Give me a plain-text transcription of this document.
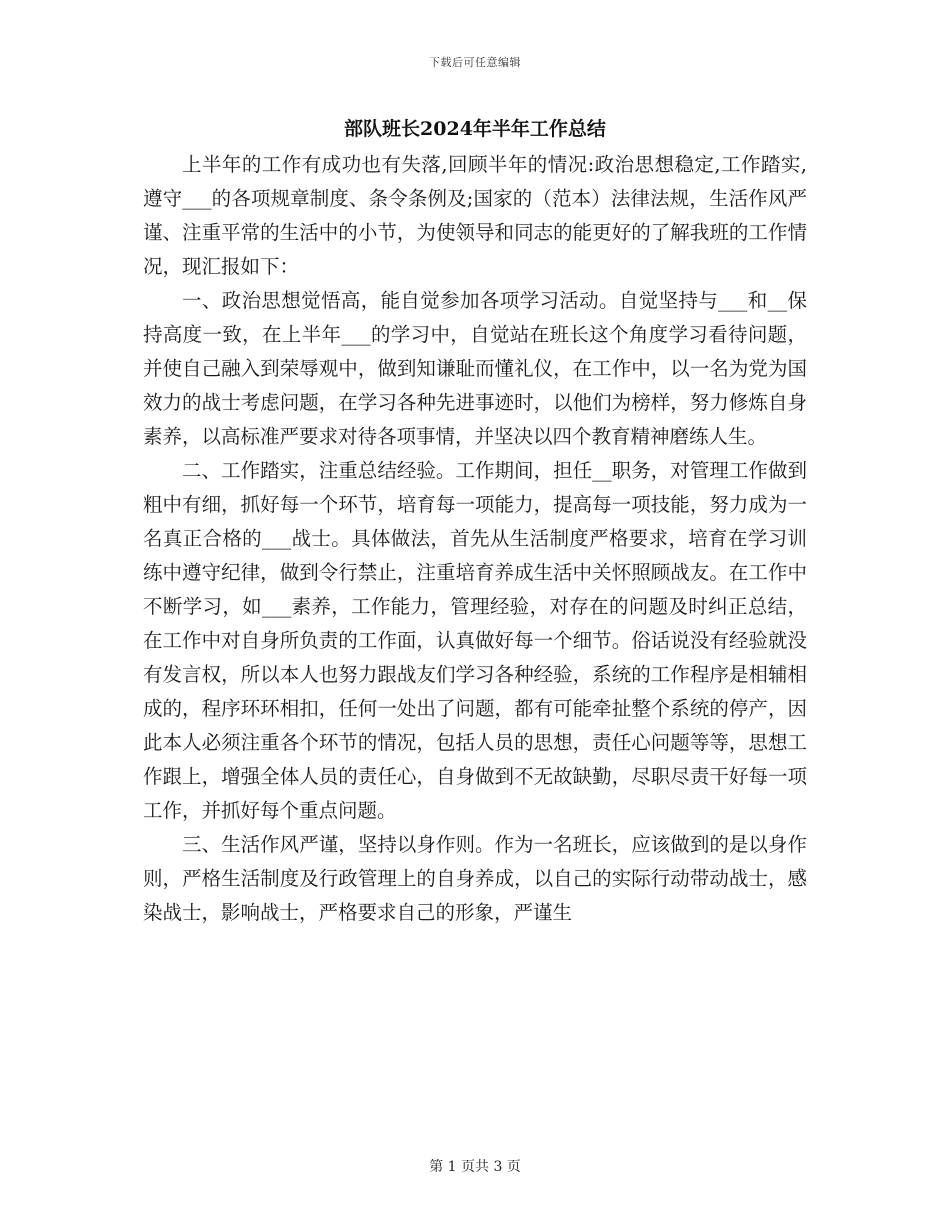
下载后可任意编辑
部队班长2024年半年工作总结

上半年的工作有成功也有失落,回顾半年的情况:政治思想稳定,工作踏实,遵守___的各项规章制度、条令条例及;国家的（范本）法律法规，生活作风严谨、注重平常的生活中的小节，为使领导和同志的能更好的了解我班的工作情况，现汇报如下：

一、政治思想觉悟高，能自觉参加各项学习活动。自觉坚持与___和__保持高度一致，在上半年___的学习中，自觉站在班长这个角度学习看待问题，并使自己融入到荣辱观中，做到知谦耻而懂礼仪，在工作中，以一名为党为国效力的战士考虑问题，在学习各种先进事迹时，以他们为榜样，努力修炼自身素养，以高标准严要求对待各项事情，并坚决以四个教育精神磨练人生。

二、工作踏实，注重总结经验。工作期间，担任__职务，对管理工作做到粗中有细，抓好每一个环节，培育每一项能力，提高每一项技能，努力成为一名真正合格的___战士。具体做法，首先从生活制度严格要求，培育在学习训练中遵守纪律，做到令行禁止，注重培育养成生活中关怀照顾战友。在工作中不断学习，如___素养，工作能力，管理经验，对存在的问题及时纠正总结，在工作中对自身所负责的工作面，认真做好每一个细节。俗话说没有经验就没有发言权，所以本人也努力跟战友们学习各种经验，系统的工作程序是相辅相成的，程序环环相扣，任何一处出了问题，都有可能牵扯整个系统的停产，因此本人必须注重各个环节的情况，包括人员的思想，责任心问题等等，思想工作跟上，增强全体人员的责任心，自身做到不无故缺勤，尽职尽责干好每一项工作，并抓好每个重点问题。

三、生活作风严谨，坚持以身作则。作为一名班长，应该做到的是以身作则，严格生活制度及行政管理上的自身养成，以自己的实际行动带动战士，感染战士，影响战士，严格要求自己的形象，严谨生

第 1 页共 3 页
